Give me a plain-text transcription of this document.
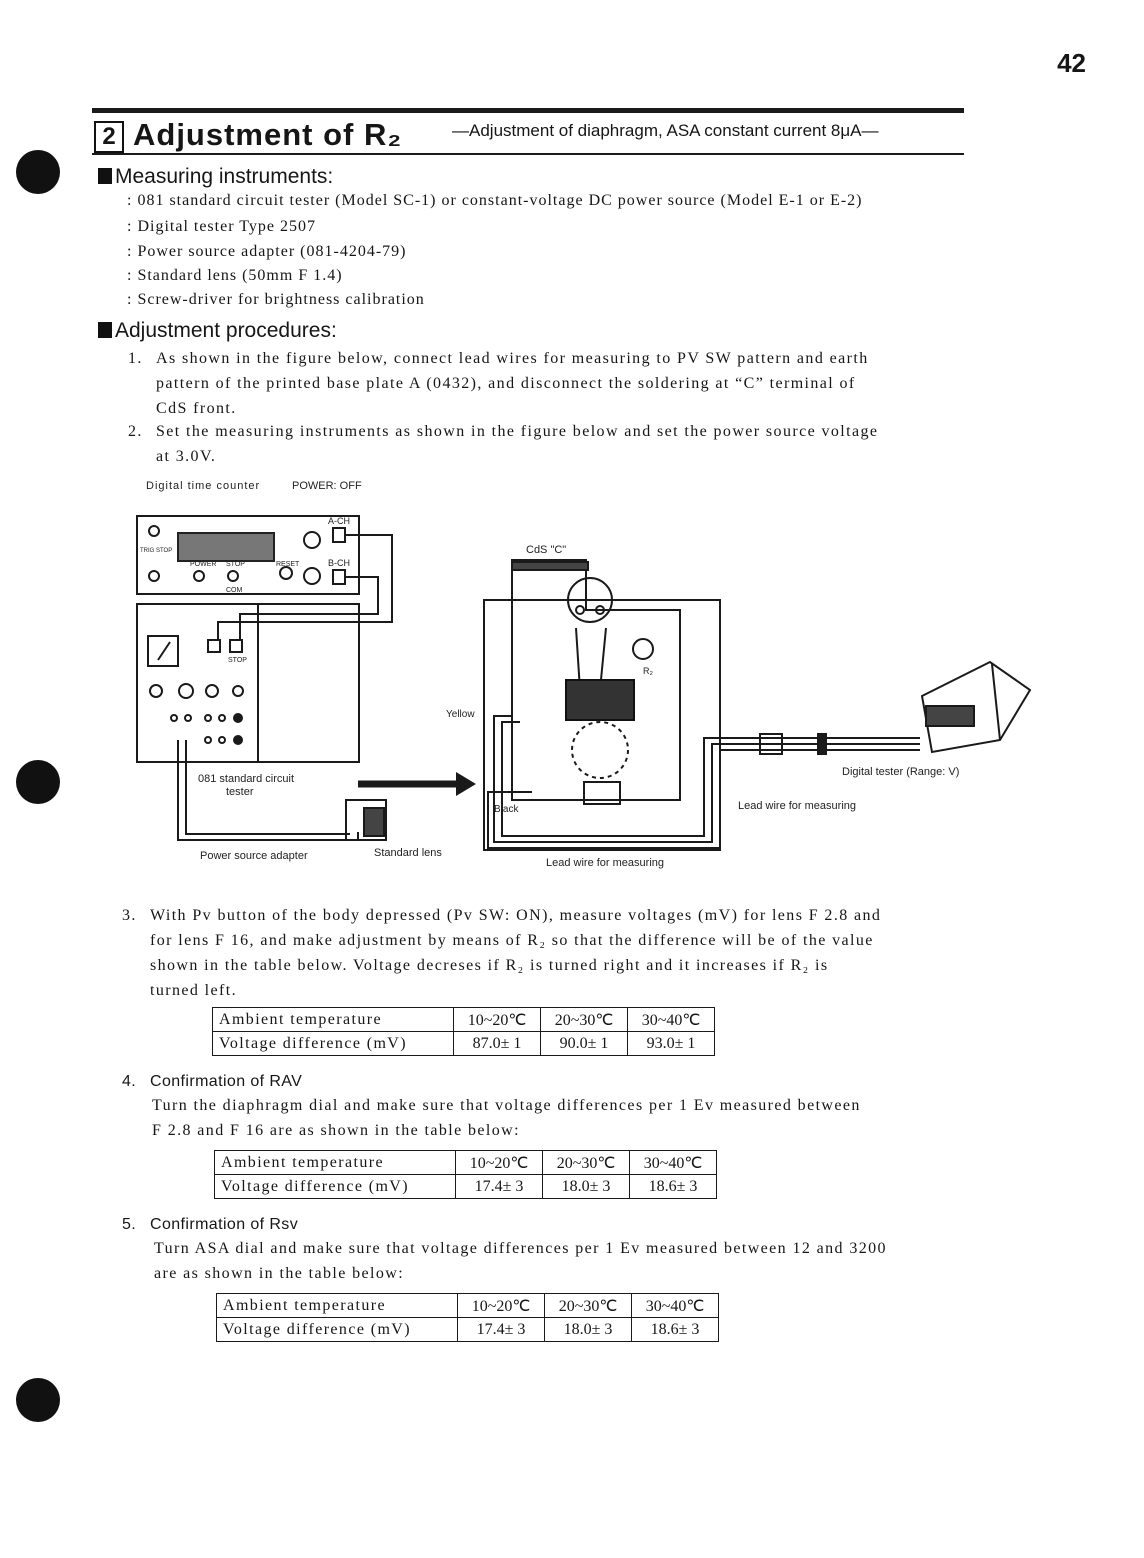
42
2 Adjustment of R₂	—Adjustment of diaphragm, ASA constant current 8μA—
Measuring instruments:
: 081 standard circuit tester (Model SC-1) or constant-voltage DC power source (Model E-1 or E-2)
: Digital tester Type 2507
: Power source adapter (081-4204-79)
: Standard lens (50mm F 1.4)
: Screw-driver for brightness calibration
Adjustment procedures:
1. As shown in the figure below, connect lead wires for measuring to PV SW pattern and earth
pattern of the printed base plate A (0432), and disconnect the soldering at “C” terminal of
CdS front.
2. Set the measuring instruments as shown in the figure below and set the power source voltage
at 3.0V.
Digital time counter	POWER: OFF
A-CH
B-CH
POWER STOP	RESET
COM
TRIG STOP
STOP
081 standard circuit
tester
Power source adapter	Standard lens
CdS "C"
R₂
Yellow
Black
Digital tester (Range: V)
Lead wire for measuring
Lead wire for measuring
3. With Pv button of the body depressed (Pv SW: ON), measure voltages (mV) for lens F 2.8 and
for lens F 16, and make adjustment by means of R₂ so that the difference will be of the value
shown in the table below. Voltage decreses if R₂ is turned right and it increases if R₂ is
turned left.
Ambient temperature	10~20℃	20~30℃	30~40℃
Voltage difference (mV)	87.0± 1	90.0± 1	93.0± 1
4. Confirmation of RAV
Turn the diaphragm dial and make sure that voltage differences per 1 Ev measured between
F 2.8 and F 16 are as shown in the table below:
Ambient temperature	10~20℃	20~30℃	30~40℃
Voltage difference (mV)	17.4± 3	18.0± 3	18.6± 3
5. Confirmation of Rsv
Turn ASA dial and make sure that voltage differences per 1 Ev measured between 12 and 3200
are as shown in the table below:
Ambient temperature	10~20℃	20~30℃	30~40℃
Voltage difference (mV)	17.4± 3	18.0± 3	18.6± 3
